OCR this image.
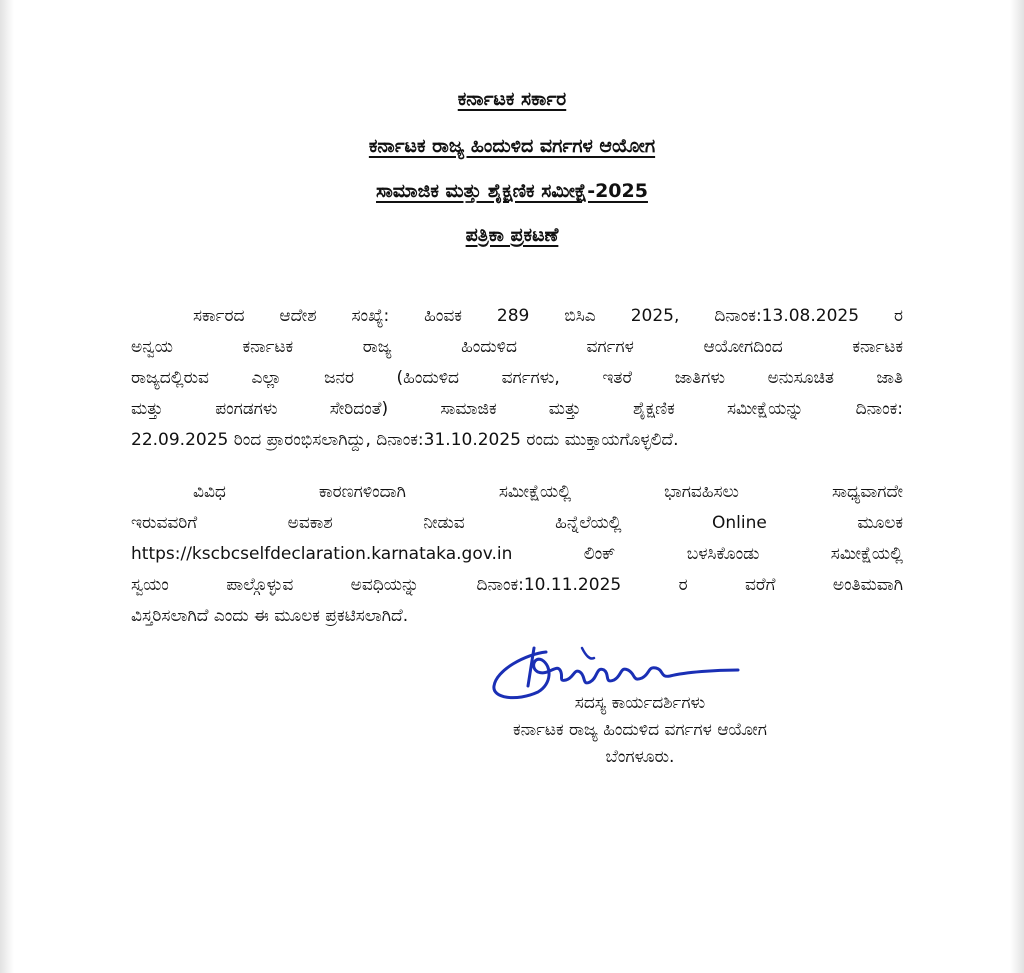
ಕರ್ನಾಟಕ ಸರ್ಕಾರ
ಕರ್ನಾಟಕ ರಾಜ್ಯ ಹಿಂದುಳಿದ ವರ್ಗಗಳ ಆಯೋಗ
ಸಾಮಾಜಿಕ ಮತ್ತು ಶೈಕ್ಷಣಿಕ ಸಮೀಕ್ಷೆ-2025
ಪತ್ರಿಕಾ ಪ್ರಕಟಣೆ
ಸರ್ಕಾರದ ಆದೇಶ ಸಂಖ್ಯೆ: ಹಿಂವಕ 289 ಬಿಸಿಎ 2025, ದಿನಾಂಕ:13.08.2025 ರ
ಅನ್ವಯ ಕರ್ನಾಟಕ ರಾಜ್ಯ ಹಿಂದುಳಿದ ವರ್ಗಗಳ ಆಯೋಗದಿಂದ ಕರ್ನಾಟಕ
ರಾಜ್ಯದಲ್ಲಿರುವ ಎಲ್ಲಾ ಜನರ (ಹಿಂದುಳಿದ ವರ್ಗಗಳು, ಇತರೆ ಜಾತಿಗಳು ಅನುಸೂಚಿತ ಜಾತಿ
ಮತ್ತು ಪಂಗಡಗಳು ಸೇರಿದಂತೆ) ಸಾಮಾಜಿಕ ಮತ್ತು ಶೈಕ್ಷಣಿಕ ಸಮೀಕ್ಷೆಯನ್ನು ದಿನಾಂಕ:
22.09.2025 ರಿಂದ ಪ್ರಾರಂಭಿಸಲಾಗಿದ್ದು, ದಿನಾಂಕ:31.10.2025 ರಂದು ಮುಕ್ತಾಯಗೊಳ್ಳಲಿದೆ.
ವಿವಿಧ ಕಾರಣಗಳಿಂದಾಗಿ ಸಮೀಕ್ಷೆಯಲ್ಲಿ ಭಾಗವಹಿಸಲು ಸಾಧ್ಯವಾಗದೇ
ಇರುವವರಿಗೆ ಅವಕಾಶ ನೀಡುವ ಹಿನ್ನೆಲೆಯಲ್ಲಿ Online ಮೂಲಕ
https://kscbcselfdeclaration.karnataka.gov.in ಲಿಂಕ್ ಬಳಸಿಕೊಂಡು ಸಮೀಕ್ಷೆಯಲ್ಲಿ
ಸ್ವಯಂ ಪಾಲ್ಗೊಳ್ಳುವ ಅವಧಿಯನ್ನು ದಿನಾಂಕ:10.11.2025 ರ ವರೆಗೆ ಅಂತಿಮವಾಗಿ
ವಿಸ್ತರಿಸಲಾಗಿದೆ ಎಂದು ಈ ಮೂಲಕ ಪ್ರಕಟಿಸಲಾಗಿದೆ.
ಸದಸ್ಯ ಕಾರ್ಯದರ್ಶಿಗಳು
ಕರ್ನಾಟಕ ರಾಜ್ಯ ಹಿಂದುಳಿದ ವರ್ಗಗಳ ಆಯೋಗ
ಬೆಂಗಳೂರು.
